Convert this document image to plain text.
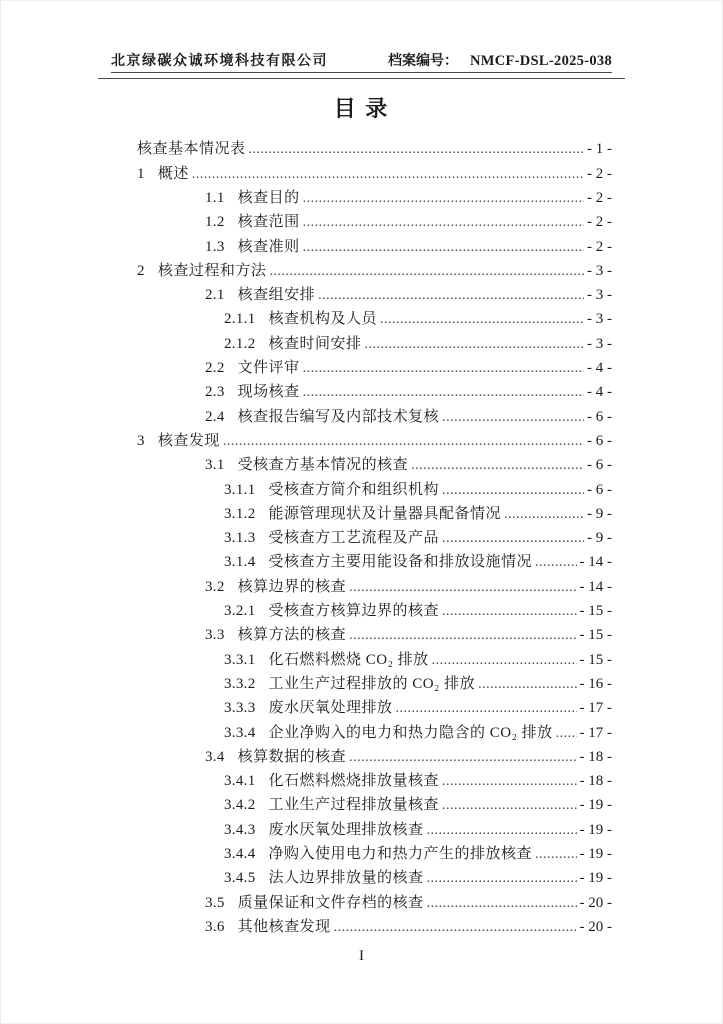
北京绿碳众诚环境科技有限公司	档案编号： NMCF-DSL-2025-038
目 录
核查基本情况表 .....	- 1 -
1 概述 .....	- 2 -
1.1 核查目的 .....	- 2 -
1.2 核查范围 .....	- 2 -
1.3 核查准则 .....	- 2 -
2 核查过程和方法 .....	- 3 -
2.1 核查组安排 .....	- 3 -
2.1.1 核查机构及人员 .....	- 3 -
2.1.2 核查时间安排 .....	- 3 -
2.2 文件评审 .....	- 4 -
2.3 现场核查 .....	- 4 -
2.4 核查报告编写及内部技术复核 .....	- 6 -
3 核查发现 .....	- 6 -
3.1 受核查方基本情况的核查 .....	- 6 -
3.1.1 受核查方简介和组织机构 .....	- 6 -
3.1.2 能源管理现状及计量器具配备情况 .....	- 9 -
3.1.3 受核查方工艺流程及产品 .....	- 9 -
3.1.4 受核查方主要用能设备和排放设施情况 .....	- 14 -
3.2 核算边界的核查 .....	- 14 -
3.2.1 受核查方核算边界的核查 .....	- 15 -
3.3 核算方法的核查 .....	- 15 -
3.3.1 化石燃料燃烧 CO₂ 排放 .....	- 15 -
3.3.2 工业生产过程排放的 CO₂ 排放 .....	- 16 -
3.3.3 废水厌氧处理排放 .....	- 17 -
3.3.4 企业净购入的电力和热力隐含的 CO₂ 排放 ..... - 17 -
3.4 核算数据的核查 .....	- 18 -
3.4.1 化石燃料燃烧排放量核查 .....	- 18 -
3.4.2 工业生产过程排放量核查 .....	- 19 -
3.4.3 废水厌氧处理排放核查 .....	- 19 -
3.4.4 净购入使用电力和热力产生的排放核查 .....	- 19 -
3.4.5 法人边界排放量的核查 .....	- 19 -
3.5 质量保证和文件存档的核查 .....	- 20 -
3.6 其他核查发现 .....	- 20 -
I
